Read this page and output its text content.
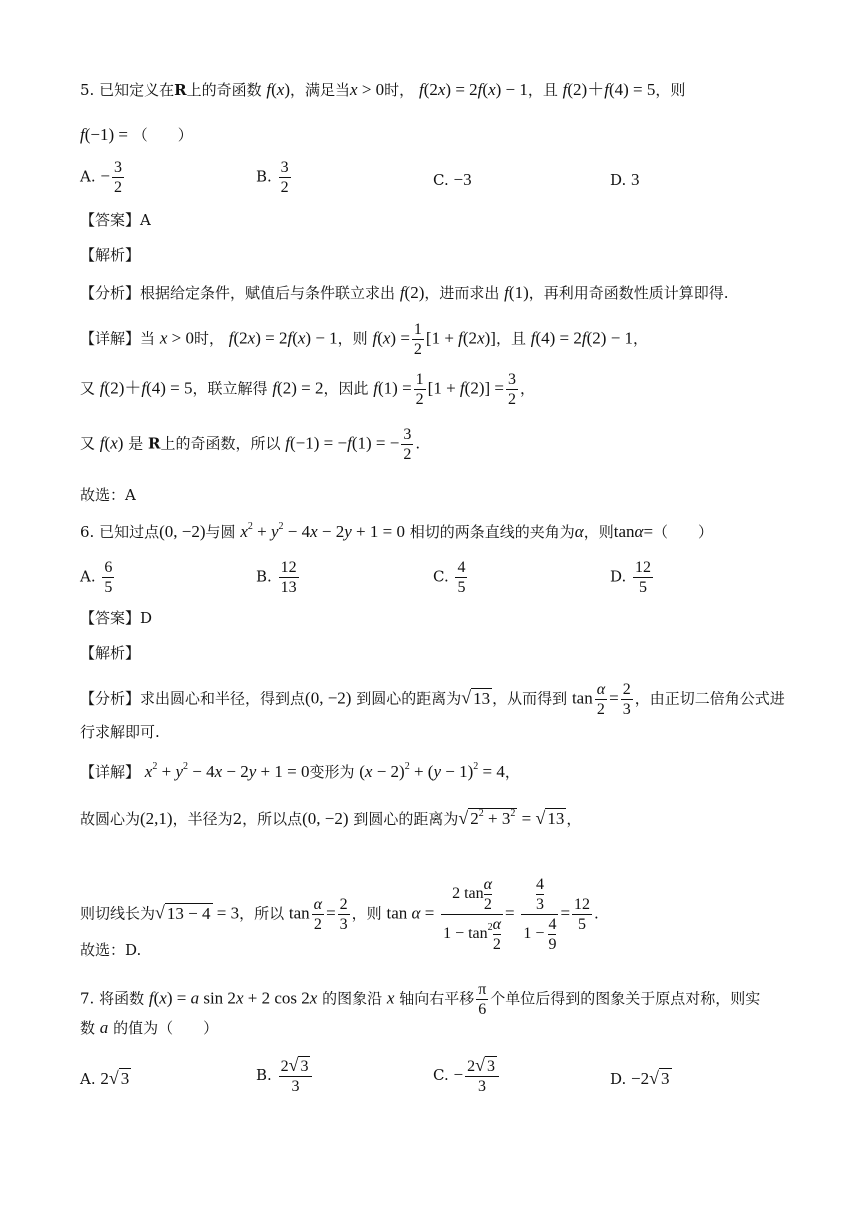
5. 已知定义在R上的奇函数 f(x)，满足当x > 0时， f(2x) = 2f(x) − 1，且 f(2)＋f(4) = 5，则
f(−1) = （　　）
A. − $\frac{3}{2}$	B. $\frac{3}{2}$	C. −3	D. 3
【答案】A
【解析】
【分析】根据给定条件，赋值后与条件联立求出 f(2)，进而求出 f(1)，再利用奇函数性质计算即得.
【详解】当 x > 0时， f(2x) = 2f(x) − 1，则 $f(x) = \frac{1}{2} [1 + f(2x)]$，且 f(4) = 2f(2) − 1，
又 f(2)＋f(4) = 5，联立解得 f(2) = 2，因此 $f(1) = \frac{1}{2} [1 + f(2)] = \frac{3}{2}$ ，
又 f(x) 是 R上的奇函数，所以 f(−1) = −f(1) = − $\frac{3}{2}$ .
故选：A
6. 已知过点(0, −2)与圆 $x^2 + y^2 - 4x - 2y + 1 = 0$ 相切的两条直线的夹角为α，则tanα=（　　）
A. $\frac{6}{5}$	B. $\frac{12}{13}$	C. $\frac{4}{5}$	D. $\frac{12}{5}$
【答案】D
【解析】
【分析】求出圆心和半径，得到点(0, −2) 到圆心的距离为√ 13 ，从而得到 $\tan \frac{\alpha}{2} = \frac{2}{3}$ ，由正切二倍角公式进
行求解即可.
【详解】 $x^2 + y^2 - 4x - 2y + 1 = 0$变形为 $(x - 2)^2 + (y - 1)^2 = 4$，
故圆心为(2,1)，半径为2，所以点(0, −2) 到圆心的距离为√ $2^2 + 3^2$ = √ 13 ，
则切线长为√ 13 − 4 = 3，所以 $\tan \frac{\alpha}{2} = \frac{2}{3}$ ，则 $\tan \alpha = \frac{2 \tan \frac{\alpha}{2}}{1 - \tan^2 \frac{\alpha}{2}} = \frac{\frac{4}{3}}{1 - \frac{4}{9}} = \frac{12}{5}$ .
故选：D.
7. 将函数 f(x) = a sin 2x + 2 cos 2x 的图象沿 x 轴向右平移 $\frac{\pi}{6}$ 个单位后得到的图象关于原点对称，则实
数 a 的值为（　　）
A. 2√ 3	B. $\frac{2√ 3}{3}$	C. − $\frac{2√ 3}{3}$	D. −2√ 3
